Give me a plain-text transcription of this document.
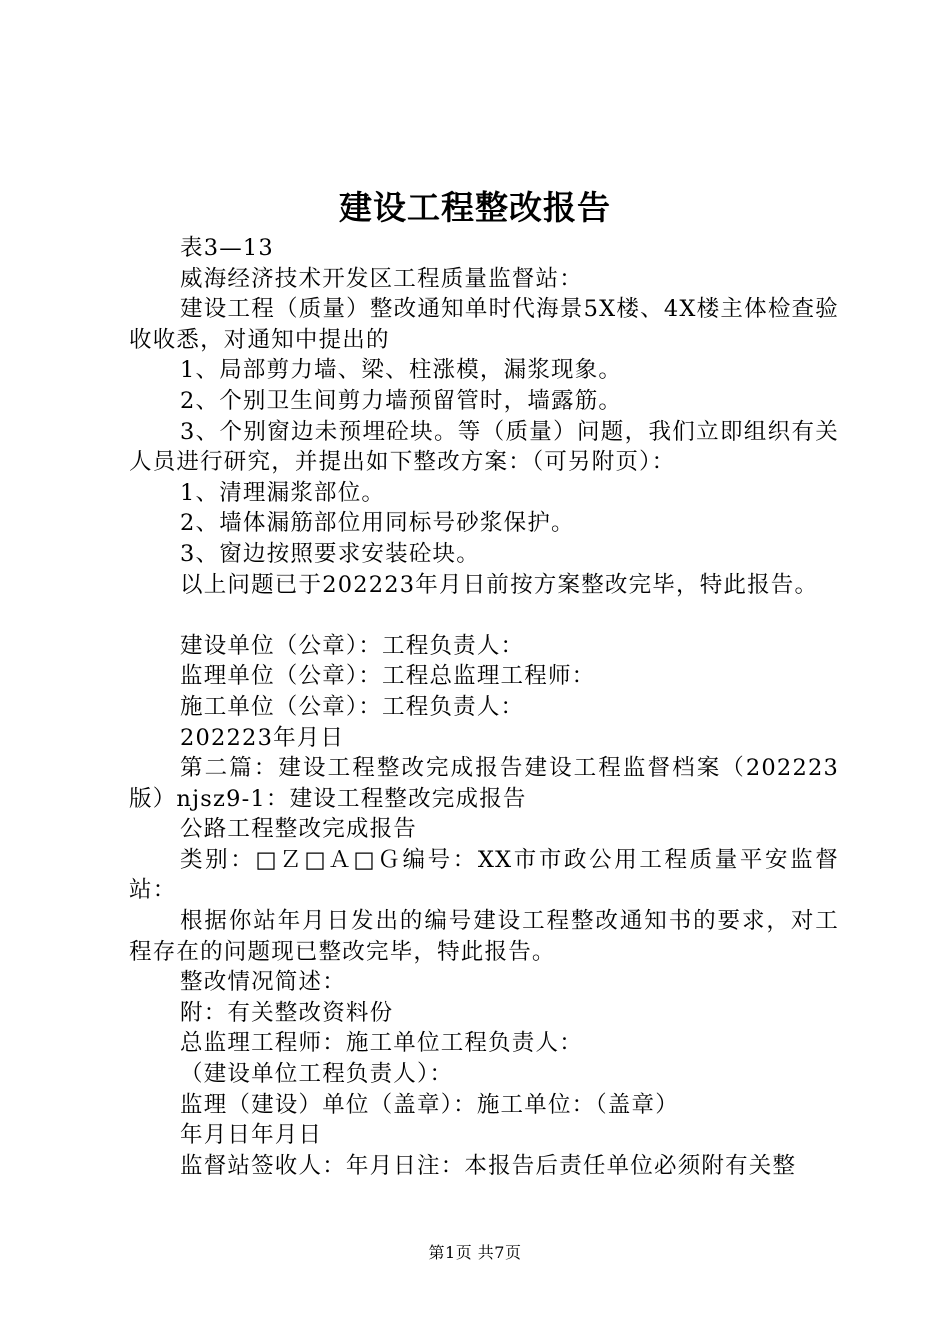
建设工程整改报告

表3—13

威海经济技术开发区工程质量监督站：

建设工程（质量）整改通知单时代海景5X楼、4X楼主体检查验收收悉，对通知中提出的

1、局部剪力墙、梁、柱涨模，漏浆现象。

2、个别卫生间剪力墙预留管时，墙露筋。

3、个别窗边未预埋砼块。等（质量）问题，我们立即组织有关人员进行研究，并提出如下整改方案：（可另附页）：

1、清理漏浆部位。

2、墙体漏筋部位用同标号砂浆保护。

3、窗边按照要求安装砼块。

以上问题已于202223年月日前按方案整改完毕，特此报告。

建设单位（公章）：工程负责人：

监理单位（公章）：工程总监理工程师：

施工单位（公章）：工程负责人：

202223年月日

第二篇：建设工程整改完成报告建设工程监督档案（202223版）njsz9-1：建设工程整改完成报告

公路工程整改完成报告

类别：□Ｚ□Ａ□Ｇ编号：XX市市政公用工程质量平安监督站：

根据你站年月日发出的编号建设工程整改通知书的要求，对工程存在的问题现已整改完毕，特此报告。

整改情况简述：

附：有关整改资料份

总监理工程师：施工单位工程负责人：

（建设单位工程负责人）：

监理（建设）单位（盖章）：施工单位：（盖章）

年月日年月日

监督站签收人：年月日注：本报告后责任单位必须附有关整

第1页 共7页
